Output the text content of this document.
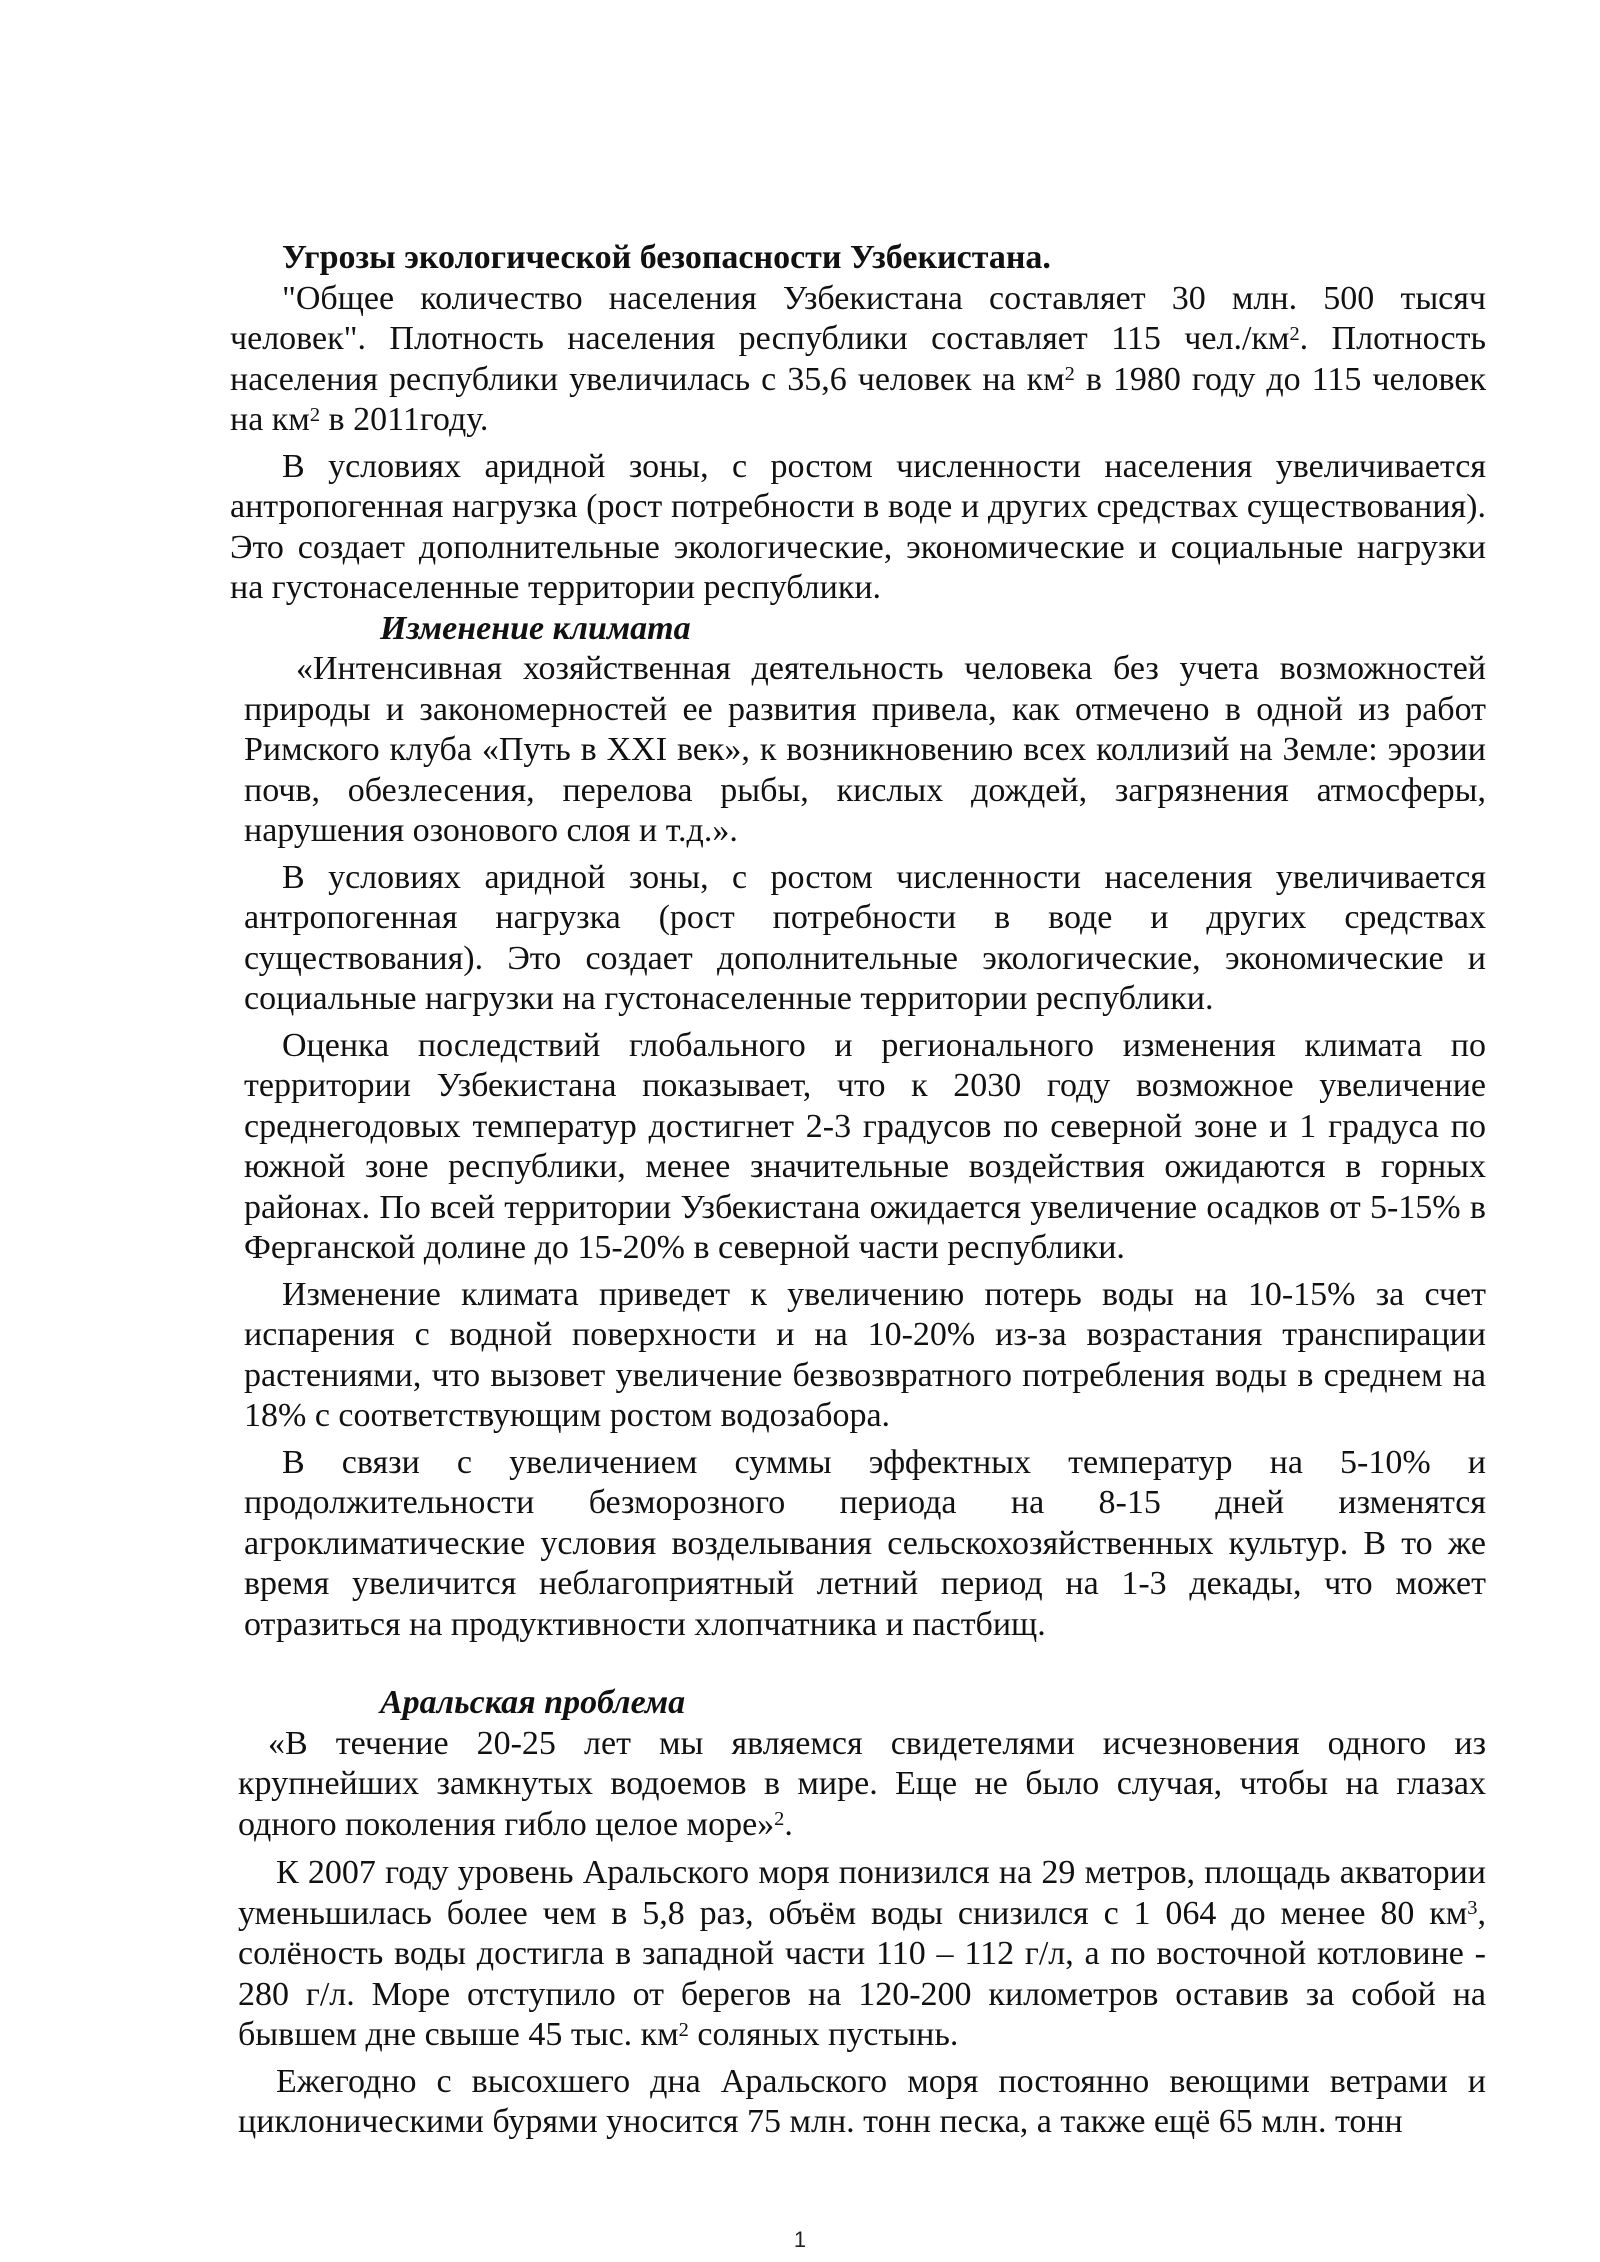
Угрозы экологической безопасности Узбекистана.

"Общее количество населения Узбекистана составляет 30 млн. 500 тысяч человек". Плотность населения республики составляет 115 $чел./км^2$. Плотность населения республики увеличилась с 35,6 человек на $км^2$ в 1980 году до 115 человек на $км^2$ в 2011году.

В условиях аридной зоны, с ростом численности населения увеличивается антропогенная нагрузка (рост потребности в воде и других средствах существования). Это создает дополнительные экологические, экономические и социальные нагрузки на густонаселенные территории республики.

Изменение климата

«Интенсивная хозяйственная деятельность человека без учета возможностей природы и закономерностей ее развития привела, как отмечено в одной из работ Римского клуба «Путь в XXI век», к возникновению всех коллизий на Земле: эрозии почв, обезлесения, перелова рыбы, кислых дождей, загрязнения атмосферы, нарушения озонового слоя и т.д.».

В условиях аридной зоны, с ростом численности населения увеличивается антропогенная нагрузка (рост потребности в воде и других средствах существования). Это создает дополнительные экологические, экономические и социальные нагрузки на густонаселенные территории республики.

Оценка последствий глобального и регионального изменения климата по территории Узбекистана показывает, что к 2030 году возможное увеличение среднегодовых температур достигнет 2-3 градусов по северной зоне и 1 градуса по южной зоне республики, менее значительные воздействия ожидаются в горных районах. По всей территории Узбекистана ожидается увеличение осадков от 5-15% в Ферганской долине до 15-20% в северной части республики.

Изменение климата приведет к увеличению потерь воды на 10-15% за счет испарения с водной поверхности и на 10-20% из-за возрастания транспирации растениями, что вызовет увеличение безвозвратного потребления воды в среднем на 18% с соответствующим ростом водозабора.

В связи с увеличением суммы эффектных температур на 5-10% и продолжительности безморозного периода на 8-15 дней изменятся агроклиматические условия возделывания сельскохозяйственных культур. В то же время увеличится неблагоприятный летний период на 1-3 декады, что может отразиться на продуктивности хлопчатника и пастбищ.

Аральская проблема

«В течение 20-25 лет мы являемся свидетелями исчезновения одного из крупнейших замкнутых водоемов в мире. Еще не было случая, чтобы на глазах одного поколения гибло целое море»$^2$.

К 2007 году уровень Аральского моря понизился на 29 метров, площадь акватории уменьшилась более чем в 5,8 раз, объём воды снизился с 1 064 до менее 80 $км^3$, солёность воды достигла в западной части 110 – 112 г/л, а по восточной котловине - 280 г/л. Море отступило от берегов на 120-200 километров оставив за собой на бывшем дне свыше 45 тыс. $км^2$ соляных пустынь.

Ежегодно с высохшего дна Аральского моря постоянно веющими ветрами и циклоническими бурями уносится 75 млн. тонн песка, а также ещё 65 млн. тонн

1
